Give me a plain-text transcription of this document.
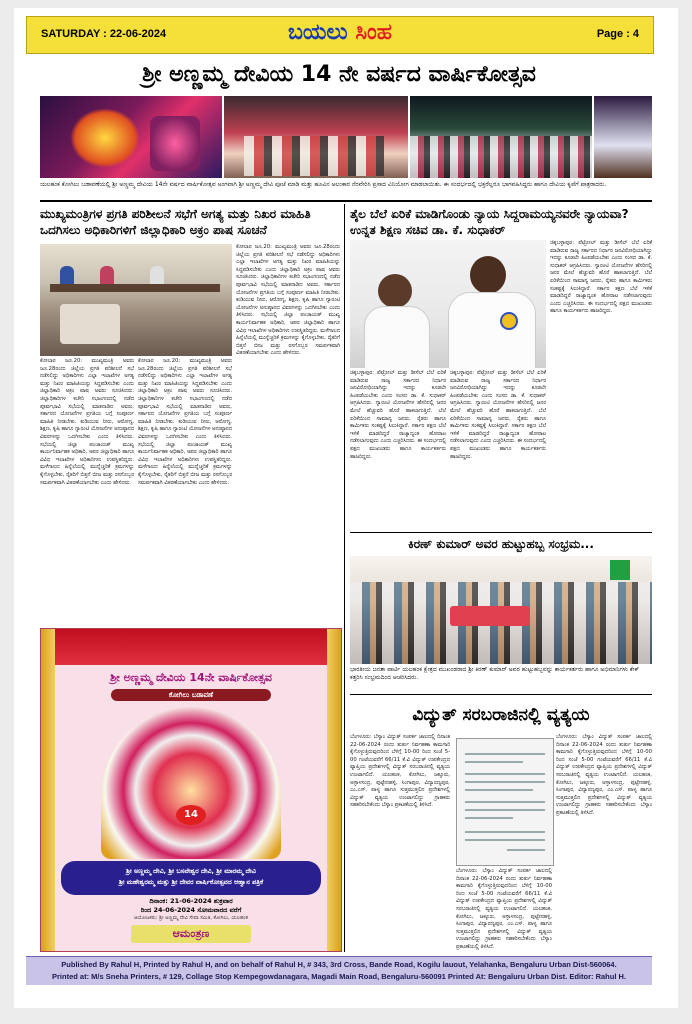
SATURDAY : 22-06-2024	ಬಯಲು ಸಿಂಹ	Page : 4
ಶ್ರೀ ಅಣ್ಣಮ್ಮ ದೇವಿಯ 14 ನೇ ವರ್ಷದ ವಾರ್ಷಿಕೋತ್ಸವ
ಯಲಹಂಕ ಕೋಗಿಲು ಬಡಾವಣೆಯಲ್ಲಿ ಶ್ರೀ ಅಣ್ಣಮ್ಮ ದೇವಿಯ 14ನೇ ವರ್ಷದ ವಾರ್ಷಿಕೋತ್ಸವ ಅಂಗವಾಗಿ ಶ್ರೀ ಅಣ್ಣಮ್ಮ ದೇವಿ ಪೂಜೆ ಮಾಡಿ ಮತ್ತು ಹೂವಿನ ಅಲಂಕಾರ ನೆರವೇರಿಸಿ ಪ್ರಸಾದ ವಿನಿಯೋಗ ಮಾಡಲಾಯಿತು. ಈ ಸಂದರ್ಭದಲ್ಲಿ ಭಕ್ತರೆಲ್ಲರೂ ಭಾಗವಹಿಸಿದ್ದರು ಹಾಗೂ ದೇವಿಯ ಕೃಪೆಗೆ ಪಾತ್ರರಾದರು.
ಮುಖ್ಯಮಂತ್ರಿಗಳ ಪ್ರಗತಿ ಪರಿಶೀಲನೆ ಸಭೆಗೆ ಅಗತ್ಯ ಮತ್ತು ನಿಖರ ಮಾಹಿತಿ ಒದಗಿಸಲು ಅಧಿಕಾರಿಗಳಿಗೆ ಜಿಲ್ಲಾಧಿಕಾರಿ ಅಕ್ರಂ ಪಾಷ ಸೂಚನೆ
ಕೋಲಾರ ಜೂ.20: ಮುಖ್ಯಮಂತ್ರಿ ಅವರು ಜೂ.28ರಂದು ಜಿಲ್ಲೆಯ ಪ್ರಗತಿ ಪರಿಶೀಲನೆ ಸಭೆ ನಡೆಸಲಿದ್ದು ಅಧಿಕಾರಿಗಳು ಎಲ್ಲಾ ಇಲಾಖೆಗಳ ಅಗತ್ಯ ಮತ್ತು ನಿಖರ ಮಾಹಿತಿಯನ್ನು ಸಿದ್ಧಪಡಿಸಬೇಕು ಎಂದು ಜಿಲ್ಲಾಧಿಕಾರಿ ಅಕ್ರಂ ಪಾಷ ಅವರು ಸೂಚಿಸಿದರು. ಜಿಲ್ಲಾಧಿಕಾರಿಗಳ ಕಚೇರಿ ಸಭಾಂಗಣದಲ್ಲಿ ನಡೆದ ಪೂರ್ವಭಾವಿ ಸಭೆಯಲ್ಲಿ ಮಾತನಾಡಿದ ಅವರು, ಸರ್ಕಾರದ ಯೋಜನೆಗಳ ಪ್ರಗತಿಯ ಬಗ್ಗೆ ಸಂಪೂರ್ಣ ಮಾಹಿತಿ ನೀಡಬೇಕು. ಕುಡಿಯುವ ನೀರು, ಆರೋಗ್ಯ, ಶಿಕ್ಷಣ, ಕೃಷಿ ಹಾಗೂ ಗ್ಯಾರಂಟಿ ಯೋಜನೆಗಳ ಅನುಷ್ಠಾನದ ವಿವರಗಳನ್ನು ಒದಗಿಸಬೇಕು ಎಂದು ತಿಳಿಸಿದರು. ಸಭೆಯಲ್ಲಿ ಜಿಲ್ಲಾ ಪಂಚಾಯತ್ ಮುಖ್ಯ ಕಾರ್ಯನಿರ್ವಾಹಕ ಅಧಿಕಾರಿ, ಅಪರ ಜಿಲ್ಲಾಧಿಕಾರಿ ಹಾಗೂ ವಿವಿಧ ಇಲಾಖೆಗಳ ಅಧಿಕಾರಿಗಳು ಉಪಸ್ಥಿತರಿದ್ದರು. ಮಳೆಗಾಲದ ಹಿನ್ನೆಲೆಯಲ್ಲಿ ಮುನ್ನೆಚ್ಚರಿಕೆ ಕ್ರಮಗಳನ್ನು ಕೈಗೊಳ್ಳಬೇಕು, ರೈತರಿಗೆ ಬಿತ್ತನೆ ಬೀಜ ಮತ್ತು ರಸಗೊಬ್ಬರ ಸಮರ್ಪಕವಾಗಿ ವಿತರಣೆಯಾಗಬೇಕು ಎಂದು ಹೇಳಿದರು.
ಕೋಲಾರ ಜೂ.20: ಮುಖ್ಯಮಂತ್ರಿ ಅವರು ಜೂ.28ರಂದು ಜಿಲ್ಲೆಯ ಪ್ರಗತಿ ಪರಿಶೀಲನೆ ಸಭೆ ನಡೆಸಲಿದ್ದು ಅಧಿಕಾರಿಗಳು ಎಲ್ಲಾ ಇಲಾಖೆಗಳ ಅಗತ್ಯ ಮತ್ತು ನಿಖರ ಮಾಹಿತಿಯನ್ನು ಸಿದ್ಧಪಡಿಸಬೇಕು ಎಂದು ಜಿಲ್ಲಾಧಿಕಾರಿ ಅಕ್ರಂ ಪಾಷ ಅವರು ಸೂಚಿಸಿದರು. ಜಿಲ್ಲಾಧಿಕಾರಿಗಳ ಕಚೇರಿ ಸಭಾಂಗಣದಲ್ಲಿ ನಡೆದ ಪೂರ್ವಭಾವಿ ಸಭೆಯಲ್ಲಿ ಮಾತನಾಡಿದ ಅವರು, ಸರ್ಕಾರದ ಯೋಜನೆಗಳ ಪ್ರಗತಿಯ ಬಗ್ಗೆ ಸಂಪೂರ್ಣ ಮಾಹಿತಿ ನೀಡಬೇಕು. ಕುಡಿಯುವ ನೀರು, ಆರೋಗ್ಯ, ಶಿಕ್ಷಣ, ಕೃಷಿ ಹಾಗೂ ಗ್ಯಾರಂಟಿ ಯೋಜನೆಗಳ ಅನುಷ್ಠಾನದ ವಿವರಗಳನ್ನು ಒದಗಿಸಬೇಕು ಎಂದು ತಿಳಿಸಿದರು. ಸಭೆಯಲ್ಲಿ ಜಿಲ್ಲಾ ಪಂಚಾಯತ್ ಮುಖ್ಯ ಕಾರ್ಯನಿರ್ವಾಹಕ ಅಧಿಕಾರಿ, ಅಪರ ಜಿಲ್ಲಾಧಿಕಾರಿ ಹಾಗೂ ವಿವಿಧ ಇಲಾಖೆಗಳ ಅಧಿಕಾರಿಗಳು ಉಪಸ್ಥಿತರಿದ್ದರು. ಮಳೆಗಾಲದ ಹಿನ್ನೆಲೆಯಲ್ಲಿ ಮುನ್ನೆಚ್ಚರಿಕೆ ಕ್ರಮಗಳನ್ನು ಕೈಗೊಳ್ಳಬೇಕು, ರೈತರಿಗೆ ಬಿತ್ತನೆ ಬೀಜ ಮತ್ತು ರಸಗೊಬ್ಬರ ಸಮರ್ಪಕವಾಗಿ ವಿತರಣೆಯಾಗಬೇಕು ಎಂದು ಹೇಳಿದರು.
ಕೋಲಾರ ಜೂ.20: ಮುಖ್ಯಮಂತ್ರಿ ಅವರು ಜೂ.28ರಂದು ಜಿಲ್ಲೆಯ ಪ್ರಗತಿ ಪರಿಶೀಲನೆ ಸಭೆ ನಡೆಸಲಿದ್ದು ಅಧಿಕಾರಿಗಳು ಎಲ್ಲಾ ಇಲಾಖೆಗಳ ಅಗತ್ಯ ಮತ್ತು ನಿಖರ ಮಾಹಿತಿಯನ್ನು ಸಿದ್ಧಪಡಿಸಬೇಕು ಎಂದು ಜಿಲ್ಲಾಧಿಕಾರಿ ಅಕ್ರಂ ಪಾಷ ಅವರು ಸೂಚಿಸಿದರು. ಜಿಲ್ಲಾಧಿಕಾರಿಗಳ ಕಚೇರಿ ಸಭಾಂಗಣದಲ್ಲಿ ನಡೆದ ಪೂರ್ವಭಾವಿ ಸಭೆಯಲ್ಲಿ ಮಾತನಾಡಿದ ಅವರು, ಸರ್ಕಾರದ ಯೋಜನೆಗಳ ಪ್ರಗತಿಯ ಬಗ್ಗೆ ಸಂಪೂರ್ಣ ಮಾಹಿತಿ ನೀಡಬೇಕು. ಕುಡಿಯುವ ನೀರು, ಆರೋಗ್ಯ, ಶಿಕ್ಷಣ, ಕೃಷಿ ಹಾಗೂ ಗ್ಯಾರಂಟಿ ಯೋಜನೆಗಳ ಅನುಷ್ಠಾನದ ವಿವರಗಳನ್ನು ಒದಗಿಸಬೇಕು ಎಂದು ತಿಳಿಸಿದರು. ಸಭೆಯಲ್ಲಿ ಜಿಲ್ಲಾ ಪಂಚಾಯತ್ ಮುಖ್ಯ ಕಾರ್ಯನಿರ್ವಾಹಕ ಅಧಿಕಾರಿ, ಅಪರ ಜಿಲ್ಲಾಧಿಕಾರಿ ಹಾಗೂ ವಿವಿಧ ಇಲಾಖೆಗಳ ಅಧಿಕಾರಿಗಳು ಉಪಸ್ಥಿತರಿದ್ದರು. ಮಳೆಗಾಲದ ಹಿನ್ನೆಲೆಯಲ್ಲಿ ಮುನ್ನೆಚ್ಚರಿಕೆ ಕ್ರಮಗಳನ್ನು ಕೈಗೊಳ್ಳಬೇಕು, ರೈತರಿಗೆ ಬಿತ್ತನೆ ಬೀಜ ಮತ್ತು ರಸಗೊಬ್ಬರ ಸಮರ್ಪಕವಾಗಿ ವಿತರಣೆಯಾಗಬೇಕು ಎಂದು ಹೇಳಿದರು.
ತೈಲ ಬೆಲೆ ಏರಿಕೆ ಮಾಡಿಗೊಂಡು ನ್ಯಾಯ ಸಿದ್ದರಾಮಯ್ಯನವರೇ ನ್ಯಾಯವಾ? ಉನ್ನತ ಶಿಕ್ಷಣ ಸಚಿವ ಡಾ. ಕೆ. ಸುಧಾಕರ್
ಚಿಕ್ಕಬಳ್ಳಾಪುರ: ಪೆಟ್ರೋಲ್ ಮತ್ತು ಡೀಸೆಲ್ ಬೆಲೆ ಏರಿಕೆ ಮಾಡಿರುವ ರಾಜ್ಯ ಸರ್ಕಾರದ ನಿರ್ಧಾರ ಜನವಿರೋಧಿಯಾಗಿದ್ದು ಇದನ್ನು ಕೂಡಲೇ ಹಿಂಪಡೆಯಬೇಕು ಎಂದು ಸಂಸದ ಡಾ. ಕೆ. ಸುಧಾಕರ್ ಆಗ್ರಹಿಸಿದರು. ಗ್ಯಾರಂಟಿ ಯೋಜನೆಗಳ ಹೆಸರಿನಲ್ಲಿ ಜನರ ಮೇಲೆ ಹೆಚ್ಚುವರಿ ಹೊರೆ ಹಾಕಲಾಗುತ್ತಿದೆ. ಬೆಲೆ ಏರಿಕೆಯಿಂದ ಸಾಮಾನ್ಯ ಜನರು, ರೈತರು ಹಾಗೂ ಕಾರ್ಮಿಕರು ಸಂಕಷ್ಟಕ್ಕೆ ಸಿಲುಕಿದ್ದಾರೆ. ಸರ್ಕಾರ ತಕ್ಷಣ ಬೆಲೆ ಇಳಿಕೆ ಮಾಡದಿದ್ದರೆ ರಾಜ್ಯಾದ್ಯಂತ ಹೋರಾಟ ನಡೆಸಲಾಗುವುದು ಎಂದು ಎಚ್ಚರಿಸಿದರು. ಈ ಸಂದರ್ಭದಲ್ಲಿ ಪಕ್ಷದ ಮುಖಂಡರು ಹಾಗೂ ಕಾರ್ಯಕರ್ತರು ಹಾಜರಿದ್ದರು.
ಚಿಕ್ಕಬಳ್ಳಾಪುರ: ಪೆಟ್ರೋಲ್ ಮತ್ತು ಡೀಸೆಲ್ ಬೆಲೆ ಏರಿಕೆ ಮಾಡಿರುವ ರಾಜ್ಯ ಸರ್ಕಾರದ ನಿರ್ಧಾರ ಜನವಿರೋಧಿಯಾಗಿದ್ದು ಇದನ್ನು ಕೂಡಲೇ ಹಿಂಪಡೆಯಬೇಕು ಎಂದು ಸಂಸದ ಡಾ. ಕೆ. ಸುಧಾಕರ್ ಆಗ್ರಹಿಸಿದರು. ಗ್ಯಾರಂಟಿ ಯೋಜನೆಗಳ ಹೆಸರಿನಲ್ಲಿ ಜನರ ಮೇಲೆ ಹೆಚ್ಚುವರಿ ಹೊರೆ ಹಾಕಲಾಗುತ್ತಿದೆ. ಬೆಲೆ ಏರಿಕೆಯಿಂದ ಸಾಮಾನ್ಯ ಜನರು, ರೈತರು ಹಾಗೂ ಕಾರ್ಮಿಕರು ಸಂಕಷ್ಟಕ್ಕೆ ಸಿಲುಕಿದ್ದಾರೆ. ಸರ್ಕಾರ ತಕ್ಷಣ ಬೆಲೆ ಇಳಿಕೆ ಮಾಡದಿದ್ದರೆ ರಾಜ್ಯಾದ್ಯಂತ ಹೋರಾಟ ನಡೆಸಲಾಗುವುದು ಎಂದು ಎಚ್ಚರಿಸಿದರು. ಈ ಸಂದರ್ಭದಲ್ಲಿ ಪಕ್ಷದ ಮುಖಂಡರು ಹಾಗೂ ಕಾರ್ಯಕರ್ತರು ಹಾಜರಿದ್ದರು.
ಚಿಕ್ಕಬಳ್ಳಾಪುರ: ಪೆಟ್ರೋಲ್ ಮತ್ತು ಡೀಸೆಲ್ ಬೆಲೆ ಏರಿಕೆ ಮಾಡಿರುವ ರಾಜ್ಯ ಸರ್ಕಾರದ ನಿರ್ಧಾರ ಜನವಿರೋಧಿಯಾಗಿದ್ದು ಇದನ್ನು ಕೂಡಲೇ ಹಿಂಪಡೆಯಬೇಕು ಎಂದು ಸಂಸದ ಡಾ. ಕೆ. ಸುಧಾಕರ್ ಆಗ್ರಹಿಸಿದರು. ಗ್ಯಾರಂಟಿ ಯೋಜನೆಗಳ ಹೆಸರಿನಲ್ಲಿ ಜನರ ಮೇಲೆ ಹೆಚ್ಚುವರಿ ಹೊರೆ ಹಾಕಲಾಗುತ್ತಿದೆ. ಬೆಲೆ ಏರಿಕೆಯಿಂದ ಸಾಮಾನ್ಯ ಜನರು, ರೈತರು ಹಾಗೂ ಕಾರ್ಮಿಕರು ಸಂಕಷ್ಟಕ್ಕೆ ಸಿಲುಕಿದ್ದಾರೆ. ಸರ್ಕಾರ ತಕ್ಷಣ ಬೆಲೆ ಇಳಿಕೆ ಮಾಡದಿದ್ದರೆ ರಾಜ್ಯಾದ್ಯಂತ ಹೋರಾಟ ನಡೆಸಲಾಗುವುದು ಎಂದು ಎಚ್ಚರಿಸಿದರು. ಈ ಸಂದರ್ಭದಲ್ಲಿ ಪಕ್ಷದ ಮುಖಂಡರು ಹಾಗೂ ಕಾರ್ಯಕರ್ತರು ಹಾಜರಿದ್ದರು.
ಕಿರಣ್ ಕುಮಾರ್ ಅವರ ಹುಟ್ಟುಹಬ್ಬ ಸಂಭ್ರಮ...
ಭಾರತೀಯ ಜನತಾ ಪಾರ್ಟಿ ಯಲಹಂಕ ಕ್ಷೇತ್ರದ ಮುಖಂಡರಾದ ಶ್ರೀ ಕಿರಣ್ ಕುಮಾರ್ ಅವರ ಹುಟ್ಟುಹಬ್ಬವನ್ನು ಕಾರ್ಯಕರ್ತರು ಹಾಗೂ ಅಭಿಮಾನಿಗಳು ಕೇಕ್ ಕತ್ತರಿಸಿ ಸಂಭ್ರಮದಿಂದ ಆಚರಿಸಿದರು.
ವಿದ್ಯುತ್ ಸರಬರಾಜಿನಲ್ಲಿ ವ್ಯತ್ಯಯ
ಬೆಂಗಳೂರು: ಬೆಸ್ಕಾಂ ವಿದ್ಯುತ್ ಸಂಪರ್ಕ ಜಾಲದಲ್ಲಿ ದಿನಾಂಕ 22-06-2024 ರಂದು ತುರ್ತು ನಿರ್ವಹಣಾ ಕಾಮಗಾರಿ ಕೈಗೊಳ್ಳುತ್ತಿರುವುದರಿಂದ ಬೆಳಿಗ್ಗೆ 10-00 ರಿಂದ ಸಂಜೆ 5-00 ಗಂಟೆಯವರೆಗೆ 66/11 ಕೆ.ವಿ ವಿದ್ಯುತ್ ಉಪಕೇಂದ್ರದ ವ್ಯಾಪ್ತಿಯ ಪ್ರದೇಶಗಳಲ್ಲಿ ವಿದ್ಯುತ್ ಸರಬರಾಜಿನಲ್ಲಿ ವ್ಯತ್ಯಯ ಉಂಟಾಗಲಿದೆ. ಯಲಹಂಕ, ಕೋಗಿಲು, ಜಕ್ಕೂರು, ಅಳ್ಳಾಳಸಂದ್ರ, ಪುಟ್ಟೇನಹಳ್ಳಿ, ಸಿಂಗಾಪುರ, ವಿದ್ಯಾರಣ್ಯಪುರ, ಎಂ.ಎಸ್. ಪಾಳ್ಯ ಹಾಗೂ ಸುತ್ತಮುತ್ತಲಿನ ಪ್ರದೇಶಗಳಲ್ಲಿ ವಿದ್ಯುತ್ ವ್ಯತ್ಯಯ ಉಂಟಾಗಲಿದ್ದು ಗ್ರಾಹಕರು ಸಹಕರಿಸಬೇಕೆಂದು ಬೆಸ್ಕಾಂ ಪ್ರಕಟಣೆಯಲ್ಲಿ ತಿಳಿಸಿದೆ.
ಬೆಂಗಳೂರು: ಬೆಸ್ಕಾಂ ವಿದ್ಯುತ್ ಸಂಪರ್ಕ ಜಾಲದಲ್ಲಿ ದಿನಾಂಕ 22-06-2024 ರಂದು ತುರ್ತು ನಿರ್ವಹಣಾ ಕಾಮಗಾರಿ ಕೈಗೊಳ್ಳುತ್ತಿರುವುದರಿಂದ ಬೆಳಿಗ್ಗೆ 10-00 ರಿಂದ ಸಂಜೆ 5-00 ಗಂಟೆಯವರೆಗೆ 66/11 ಕೆ.ವಿ ವಿದ್ಯುತ್ ಉಪಕೇಂದ್ರದ ವ್ಯಾಪ್ತಿಯ ಪ್ರದೇಶಗಳಲ್ಲಿ ವಿದ್ಯುತ್ ಸರಬರಾಜಿನಲ್ಲಿ ವ್ಯತ್ಯಯ ಉಂಟಾಗಲಿದೆ. ಯಲಹಂಕ, ಕೋಗಿಲು, ಜಕ್ಕೂರು, ಅಳ್ಳಾಳಸಂದ್ರ, ಪುಟ್ಟೇನಹಳ್ಳಿ, ಸಿಂಗಾಪುರ, ವಿದ್ಯಾರಣ್ಯಪುರ, ಎಂ.ಎಸ್. ಪಾಳ್ಯ ಹಾಗೂ ಸುತ್ತಮುತ್ತಲಿನ ಪ್ರದೇಶಗಳಲ್ಲಿ ವಿದ್ಯುತ್ ವ್ಯತ್ಯಯ ಉಂಟಾಗಲಿದ್ದು ಗ್ರಾಹಕರು ಸಹಕರಿಸಬೇಕೆಂದು ಬೆಸ್ಕಾಂ ಪ್ರಕಟಣೆಯಲ್ಲಿ ತಿಳಿಸಿದೆ.
ಬೆಂಗಳೂರು: ಬೆಸ್ಕಾಂ ವಿದ್ಯುತ್ ಸಂಪರ್ಕ ಜಾಲದಲ್ಲಿ ದಿನಾಂಕ 22-06-2024 ರಂದು ತುರ್ತು ನಿರ್ವಹಣಾ ಕಾಮಗಾರಿ ಕೈಗೊಳ್ಳುತ್ತಿರುವುದರಿಂದ ಬೆಳಿಗ್ಗೆ 10-00 ರಿಂದ ಸಂಜೆ 5-00 ಗಂಟೆಯವರೆಗೆ 66/11 ಕೆ.ವಿ ವಿದ್ಯುತ್ ಉಪಕೇಂದ್ರದ ವ್ಯಾಪ್ತಿಯ ಪ್ರದೇಶಗಳಲ್ಲಿ ವಿದ್ಯುತ್ ಸರಬರಾಜಿನಲ್ಲಿ ವ್ಯತ್ಯಯ ಉಂಟಾಗಲಿದೆ. ಯಲಹಂಕ, ಕೋಗಿಲು, ಜಕ್ಕೂರು, ಅಳ್ಳಾಳಸಂದ್ರ, ಪುಟ್ಟೇನಹಳ್ಳಿ, ಸಿಂಗಾಪುರ, ವಿದ್ಯಾರಣ್ಯಪುರ, ಎಂ.ಎಸ್. ಪಾಳ್ಯ ಹಾಗೂ ಸುತ್ತಮುತ್ತಲಿನ ಪ್ರದೇಶಗಳಲ್ಲಿ ವಿದ್ಯುತ್ ವ್ಯತ್ಯಯ ಉಂಟಾಗಲಿದ್ದು ಗ್ರಾಹಕರು ಸಹಕರಿಸಬೇಕೆಂದು ಬೆಸ್ಕಾಂ ಪ್ರಕಟಣೆಯಲ್ಲಿ ತಿಳಿಸಿದೆ.
ಶ್ರೀ ಅಣ್ಣಮ್ಮ ದೇವಿಯ 14ನೇ ವಾರ್ಷಿಕೋತ್ಸವ
ಕೋಗಿಲು ಬಡಾವಣೆ
14
ಶ್ರೀ ಅಣ್ಣಮ್ಮ ದೇವಿ, ಶ್ರೀ ಬಸವೇಶ್ವರ ದೇವಿ, ಶ್ರೀ ಮಾರಮ್ಮ ದೇವಿ
ಶ್ರೀ ಮಹೇಶ್ವರಮ್ಮ ಮತ್ತು ಶ್ರೀ ದೇವರ ವಾರ್ಷಿಕೋತ್ಸವದ ಆಹ್ವಾನ ಪತ್ರಿಕೆ
ದಿನಾಂಕ: 21-06-2024 ಶುಕ್ರವಾರ
ರಿಂದ 24-06-2024 ಸೋಮವಾರದ ವರೆಗೆ
ಆಯೋಜಕರು: ಶ್ರೀ ಅಣ್ಣಮ್ಮ ದೇವಿ ಸೇವಾ ಸಮಿತಿ, ಕೋಗಿಲು, ಯಲಹಂಕ
ಆಮಂತ್ರಣ
Published By Rahul H, Printed by Rahul H, and on behalf of Rahul H, # 343, 3rd Cross, Bande Road, Kogilu lauout, Yelahanka, Bengaluru Urban Dist-560064.
Printed at: M/s Sneha Printers, # 129, Collage Stop Kempegowdanagara, Magadi Main Road, Bengaluru-560091 Printed At: Bengaluru Urban Dist. Editor: Rahul H.
